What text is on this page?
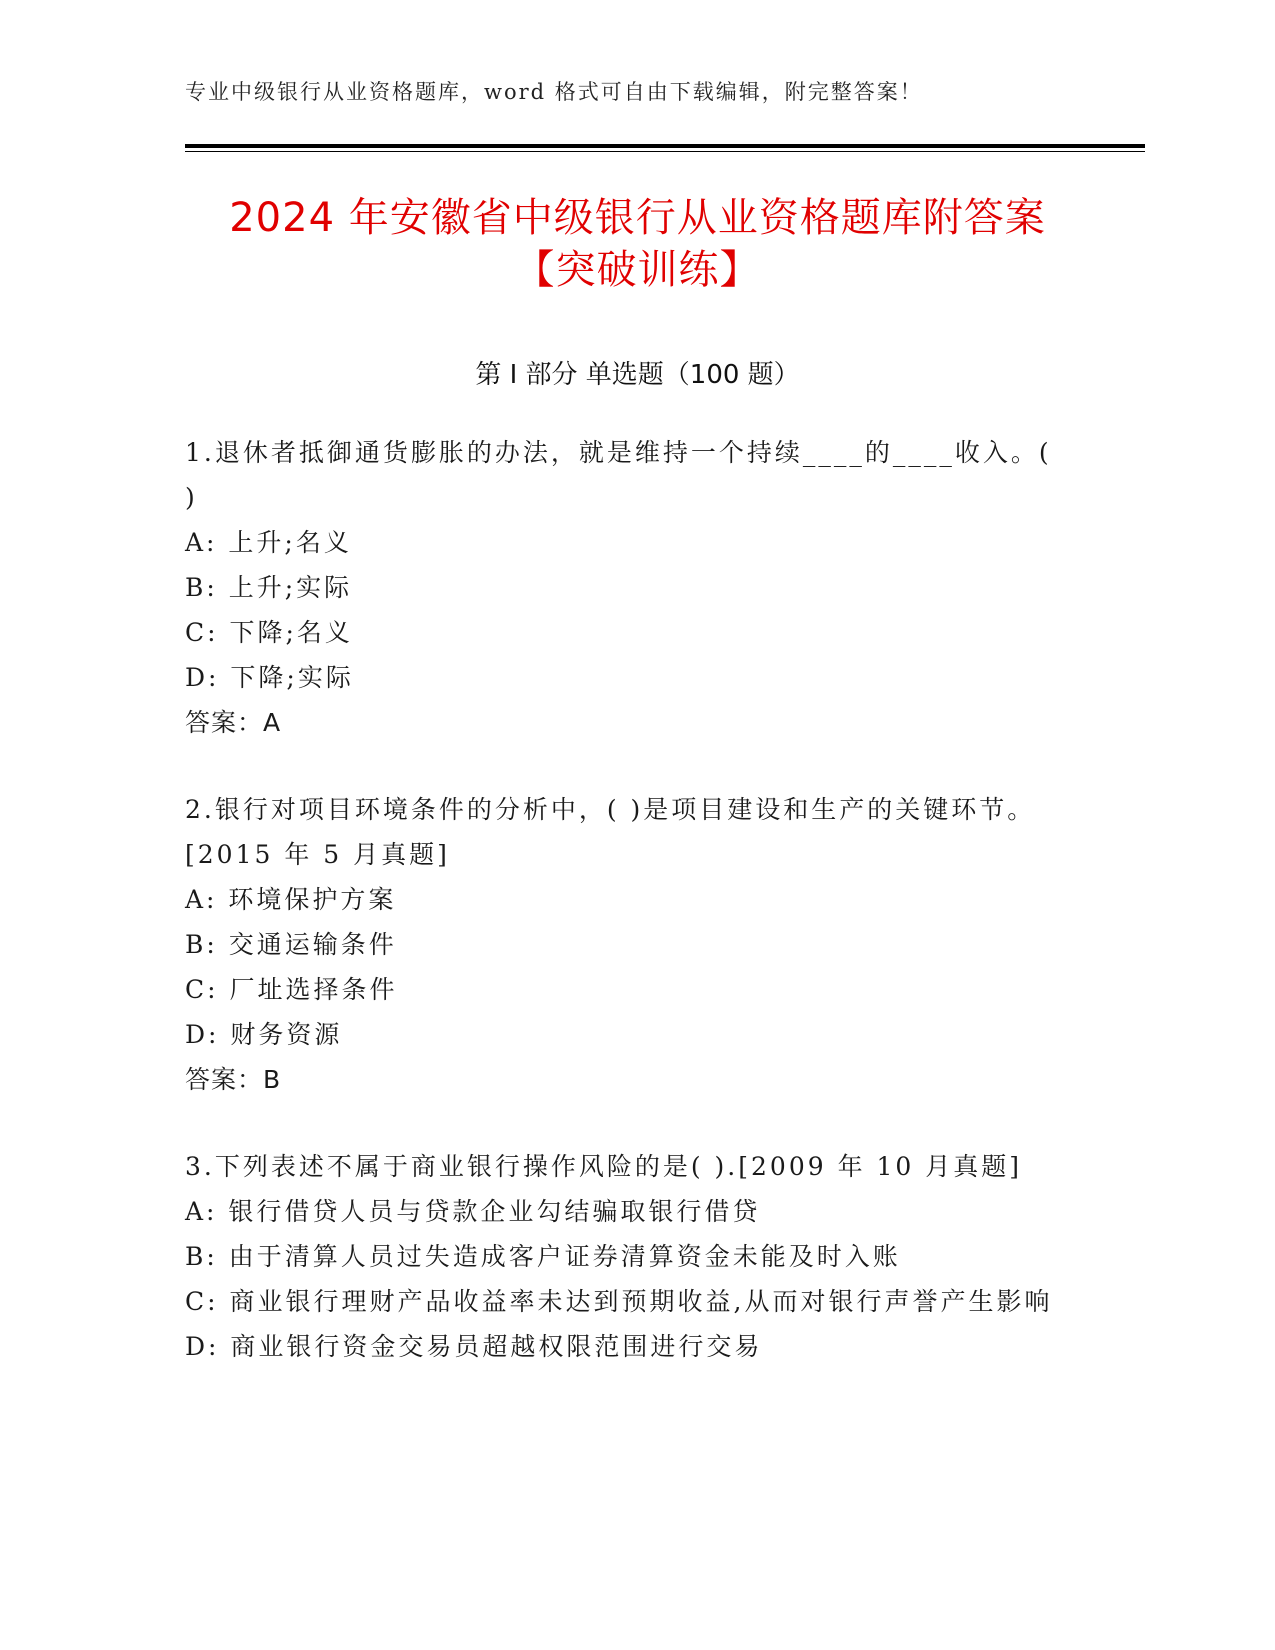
专业中级银行从业资格题库，word 格式可自由下载编辑，附完整答案！
2024 年安徽省中级银行从业资格题库附答案
【突破训练】
第 I 部分 单选题（100 题）

1.退休者抵御通货膨胀的办法，就是维持一个持续____的____收入。( )

A: 上升;名义

B: 上升;实际

C: 下降;名义

D: 下降;实际

答案：A

2.银行对项目环境条件的分析中，( )是项目建设和生产的关键环节。[2015 年 5 月真题]

A: 环境保护方案

B: 交通运输条件

C: 厂址选择条件

D: 财务资源

答案：B

3.下列表述不属于商业银行操作风险的是( ).[2009 年 10 月真题]

A: 银行借贷人员与贷款企业勾结骗取银行借贷

B: 由于清算人员过失造成客户证券清算资金未能及时入账

C: 商业银行理财产品收益率未达到预期收益,从而对银行声誉产生影响

D: 商业银行资金交易员超越权限范围进行交易
